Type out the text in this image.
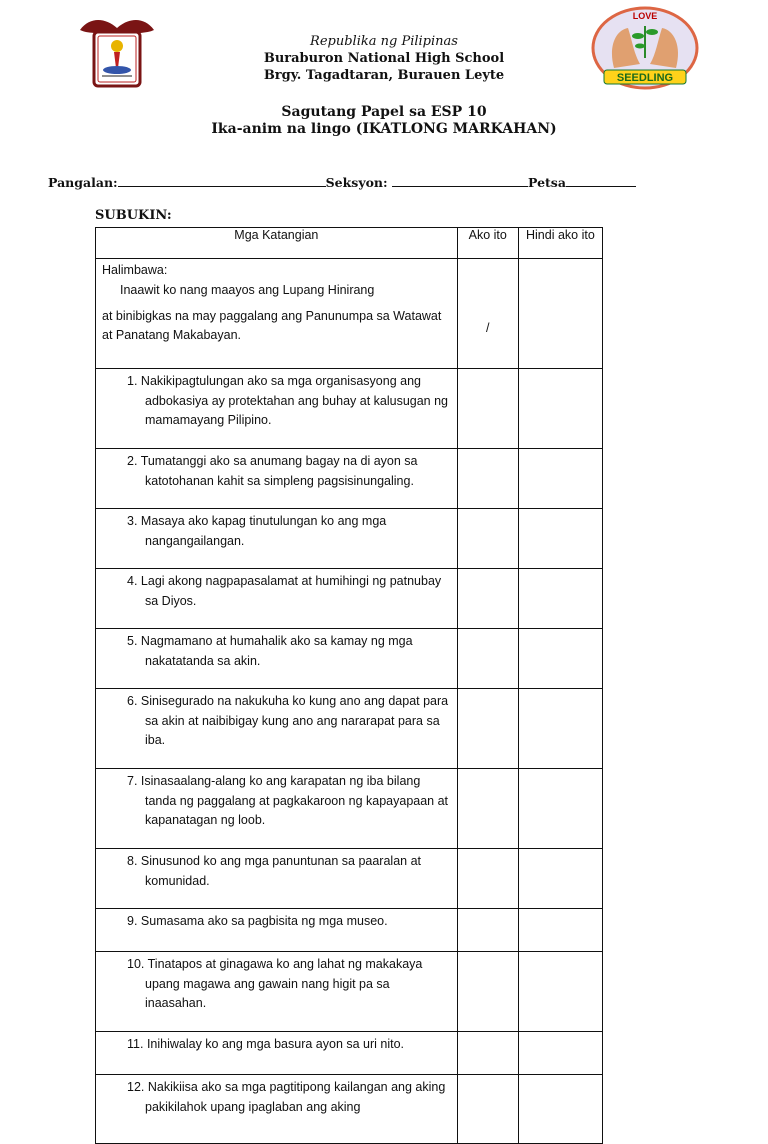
LOVE
SEEDLING
Republika ng Pilipinas
Buraburon National High School
Brgy. Tagadtaran, Burauen Leyte
Sagutang Papel sa ESP 10
Ika-anim na lingo (IKATLONG MARKAHAN)
Pangalan:	Seksyon:	Petsa
SUBUKIN:
Mga Katangian	Ako ito	Hindi ako ito

Halimbawa:
Inaawit ko nang maayos ang Lupang Hinirang
at binibigkas na may paggalang ang Panunumpa sa Watawat at Panatang Makabayan.	/	

1. Nakikipagtulungan ako sa mga organisasyong ang adbokasiya ay protektahan ang buhay at kalusugan ng mamamayang Pilipino.		

2. Tumatanggi ako sa anumang bagay na di ayon sa katotohanan kahit sa simpleng pagsisinungaling.		

3. Masaya ako kapag tinutulungan ko ang mga nangangailangan.		

4. Lagi akong nagpapasalamat at humihingi ng patnubay sa Diyos.		

5. Nagmamano at humahalik ako sa kamay ng mga nakatatanda sa akin.		

6. Sinisegurado na nakukuha ko kung ano ang dapat para sa akin at naibibigay kung ano ang nararapat para sa iba.		

7. Isinasaalang-alang ko ang karapatan ng iba bilang tanda ng paggalang at pagkakaroon ng kapayapaan at kapanatagan ng loob.		

8. Sinusunod ko ang mga panuntunan sa paaralan at komunidad.		

9. Sumasama ako sa pagbisita ng mga museo.		

10. Tinatapos at ginagawa ko ang lahat ng makakaya upang magawa ang gawain nang higit pa sa inaasahan.		

11. Inihiwalay ko ang mga basura ayon sa uri nito.		

12. Nakikiisa ako sa mga pagtitipong kailangan ang aking pakikilahok upang ipaglaban ang aking		
